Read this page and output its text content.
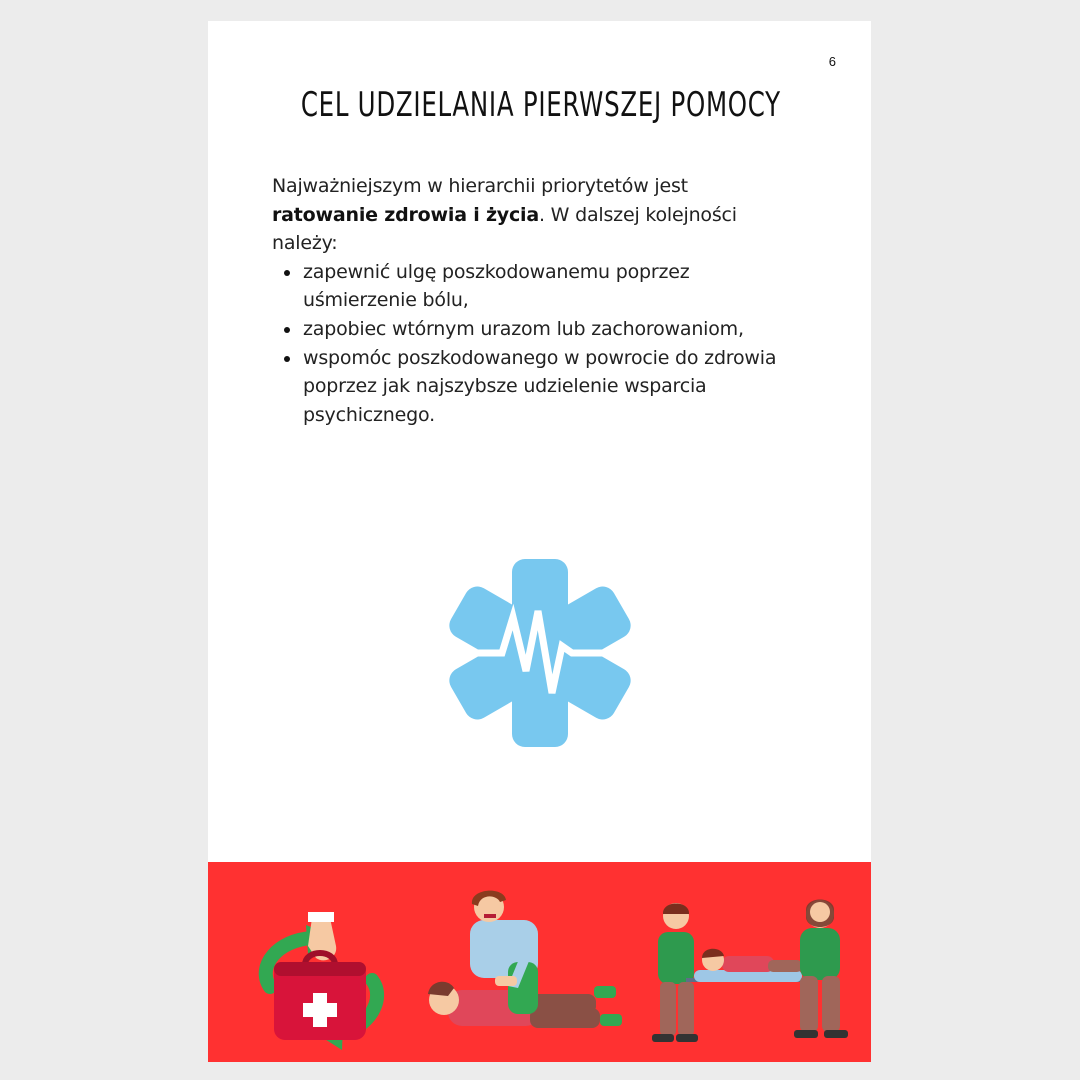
6
CEL UDZIELANIA PIERWSZEJ POMOCY

Najważniejszym w hierarchii priorytetów jest ratowanie zdrowia i życia. W dalszej kolejności należy:

zapewnić ulgę poszkodowanemu poprzez uśmierzenie bólu,
zapobiec wtórnym urazom lub zachorowaniom,
wspomóc poszkodowanego w powrocie do zdrowia poprzez jak najszybsze udzielenie wsparcia psychicznego.
